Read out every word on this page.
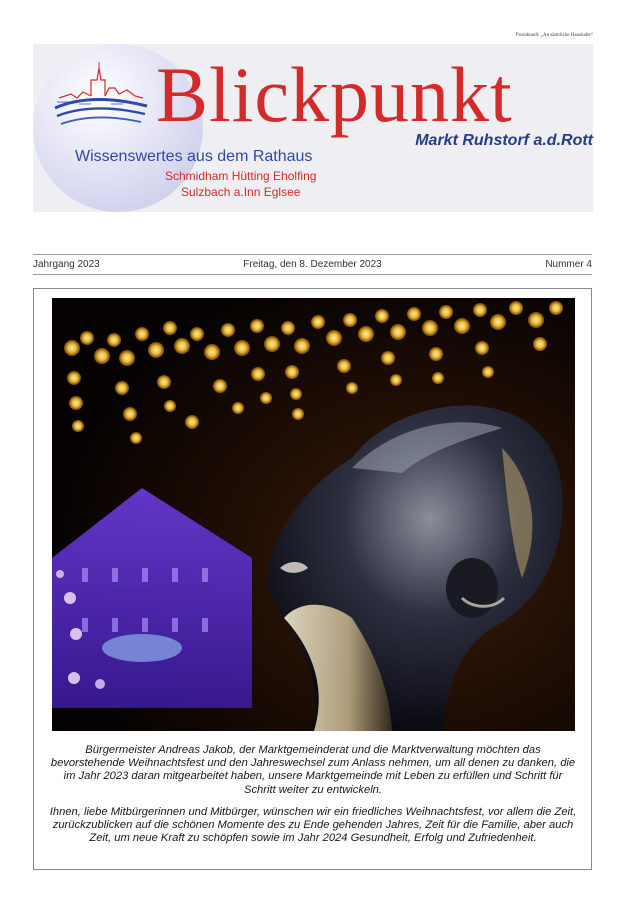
Postaktuell: „An sämtliche Haushalte“
Blickpunkt
Markt Ruhstorf a.d.Rott
Wissenswertes aus dem Rathaus
Schmidham Hütting Eholfing
Sulzbach a.Inn Eglsee
Jahrgang 2023	Freitag, den 8. Dezember 2023	Nummer 4

Bürgermeister Andreas Jakob, der Marktgemeinderat und die Marktverwaltung möchten das bevorstehende Weihnachtsfest und den Jahreswechsel zum Anlass nehmen, um all denen zu danken, die im Jahr 2023 daran mitgearbeitet haben, unsere Marktgemeinde mit Leben zu erfüllen und Schritt für Schritt weiter zu entwickeln.

Ihnen, liebe Mitbürgerinnen und Mitbürger, wünschen wir ein friedliches Weihnachtsfest, vor allem die Zeit, zurückzublicken auf die schönen Momente des zu Ende gehenden Jahres, Zeit für die Familie, aber auch Zeit, um neue Kraft zu schöpfen sowie im Jahr 2024 Gesundheit, Erfolg und Zufriedenheit.
